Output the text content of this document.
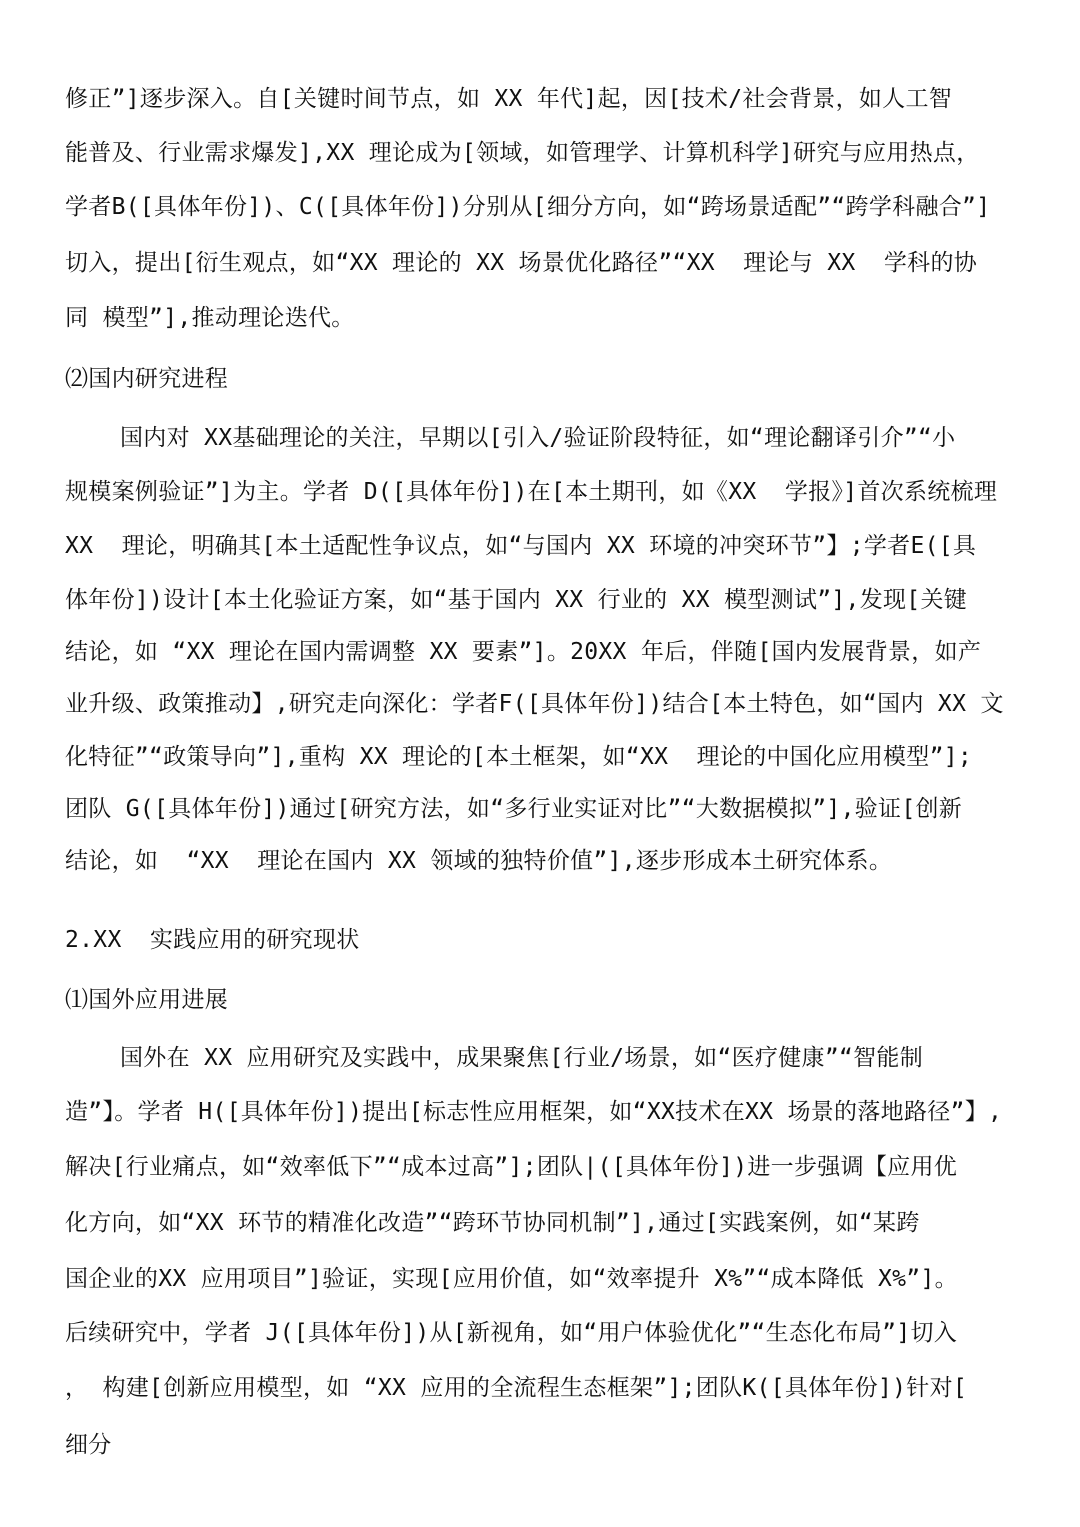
修正”]逐步深入。自[关键时间节点，如 XX 年代]起，因[技术/社会背景，如人工智
能普及、行业需求爆发],XX 理论成为[领域，如管理学、计算机科学]研究与应用热点，
学者B([具体年份])、C([具体年份])分别从[细分方向，如“跨场景适配”“跨学科融合”]
切入，提出[衍生观点，如“XX 理论的 XX 场景优化路径”“XX  理论与 XX  学科的协
同 模型”],推动理论迭代。
⑵国内研究进程
国内对 XX基础理论的关注，早期以[引入/验证阶段特征，如“理论翻译引介”“小
规模案例验证”]为主。学者 D([具体年份])在[本土期刊，如《XX  学报》]首次系统梳理
XX  理论，明确其[本土适配性争议点，如“与国内 XX 环境的冲突环节”】;学者E([具
体年份])设计[本土化验证方案，如“基于国内 XX 行业的 XX 模型测试”],发现[关键
结论，如 “XX 理论在国内需调整 XX 要素”]。20XX 年后，伴随[国内发展背景，如产
业升级、政策推动】,研究走向深化：学者F([具体年份])结合[本土特色，如“国内 XX 文
化特征”“政策导向”],重构 XX 理论的[本土框架，如“XX  理论的中国化应用模型”];
团队 G([具体年份])通过[研究方法，如“多行业实证对比”“大数据模拟”],验证[创新
结论，如  “XX  理论在国内 XX 领域的独特价值”],逐步形成本土研究体系。
2.XX  实践应用的研究现状
⑴国外应用进展
国外在 XX 应用研究及实践中，成果聚焦[行业/场景，如“医疗健康”“智能制
造”】。学者 H([具体年份])提出[标志性应用框架，如“XX技术在XX 场景的落地路径”】,
解决[行业痛点，如“效率低下”“成本过高”];团队|([具体年份])进一步强调【应用优
化方向，如“XX 环节的精准化改造”“跨环节协同机制”],通过[实践案例，如“某跨
国企业的XX 应用项目”]验证，实现[应用价值，如“效率提升 X%”“成本降低 X%”]。
后续研究中，学者 J([具体年份])从[新视角，如“用户体验优化”“生态化布局”]切入
， 构建[创新应用模型，如 “XX 应用的全流程生态框架”];团队K([具体年份])针对[
细分
